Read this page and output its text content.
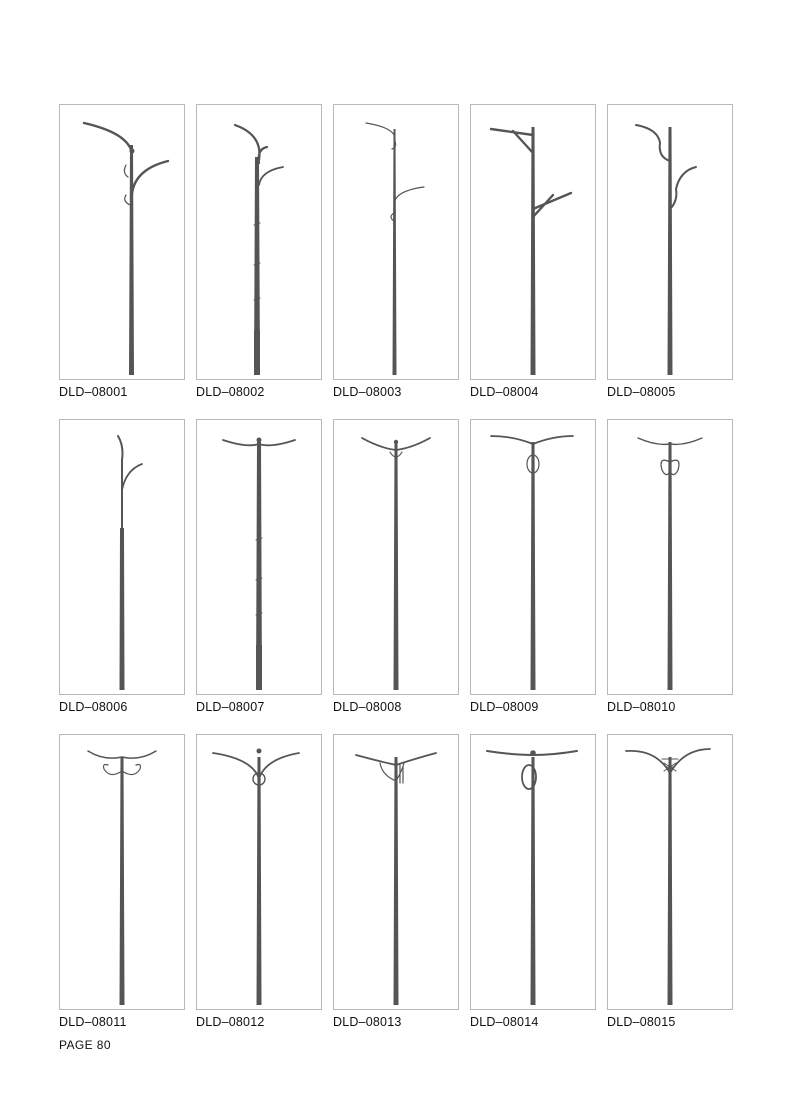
DLD–08001	DLD–08002	DLD–08003	DLD–08004	DLD–08005
DLD–08006	DLD–08007	DLD–08008	DLD–08009	DLD–08010
DLD–08011	DLD–08012	DLD–08013	DLD–08014	DLD–08015
PAGE 80
